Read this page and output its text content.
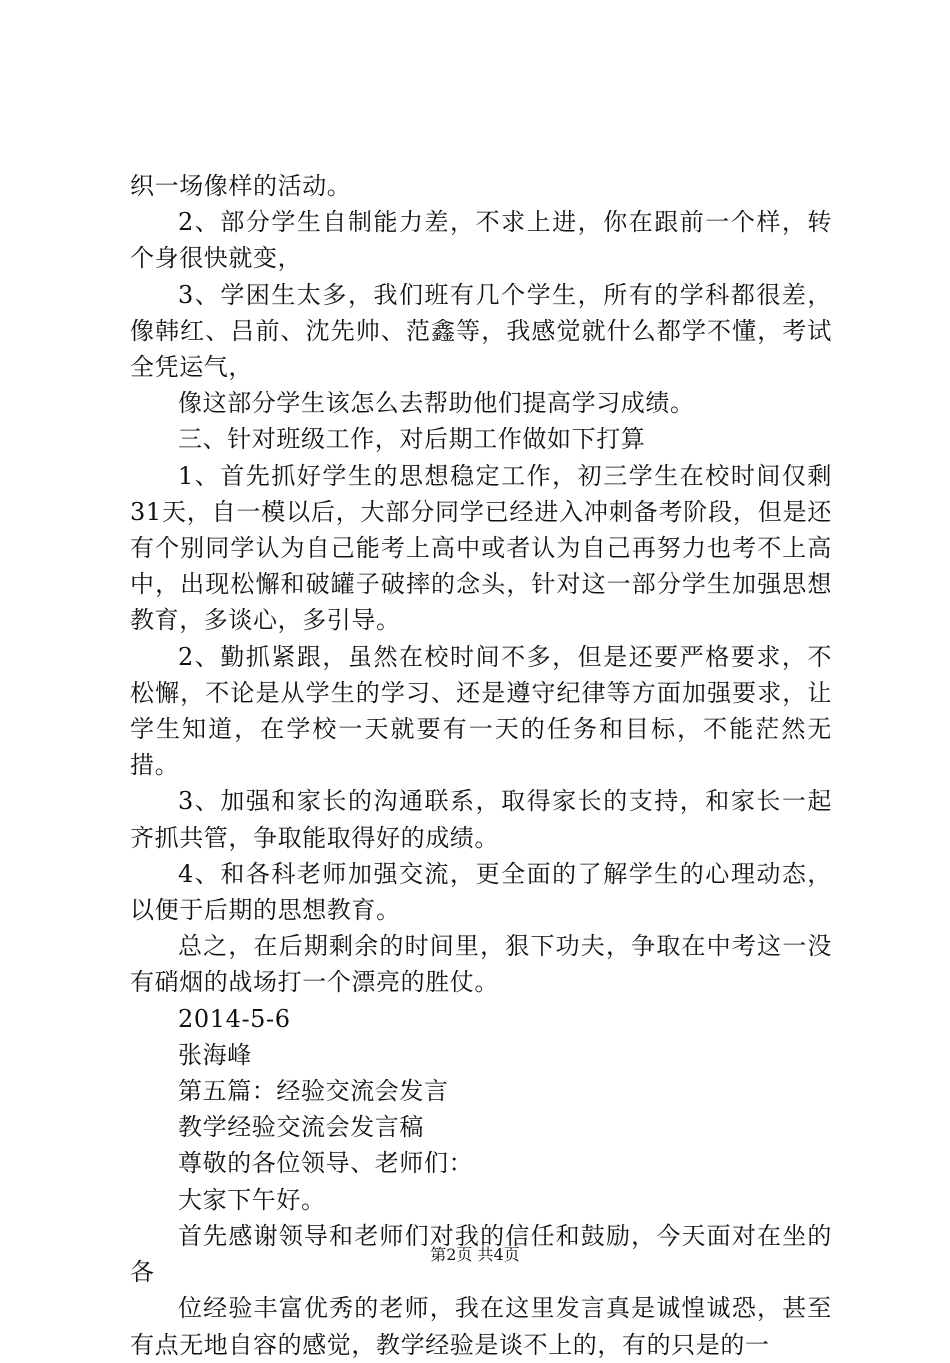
织一场像样的活动。

2、部分学生自制能力差，不求上进，你在跟前一个样，转个身很快就变，

3、学困生太多，我们班有几个学生，所有的学科都很差，像韩红、吕前、沈先帅、范鑫等，我感觉就什么都学不懂，考试全凭运气，

像这部分学生该怎么去帮助他们提高学习成绩。

三、针对班级工作，对后期工作做如下打算

1、首先抓好学生的思想稳定工作，初三学生在校时间仅剩31天，自一模以后，大部分同学已经进入冲刺备考阶段，但是还有个别同学认为自己能考上高中或者认为自己再努力也考不上高中，出现松懈和破罐子破摔的念头，针对这一部分学生加强思想教育，多谈心，多引导。

2、勤抓紧跟，虽然在校时间不多，但是还要严格要求，不松懈，不论是从学生的学习、还是遵守纪律等方面加强要求，让学生知道，在学校一天就要有一天的任务和目标，不能茫然无措。

3、加强和家长的沟通联系，取得家长的支持，和家长一起齐抓共管，争取能取得好的成绩。

4、和各科老师加强交流，更全面的了解学生的心理动态，以便于后期的思想教育。

总之，在后期剩余的时间里，狠下功夫，争取在中考这一没有硝烟的战场打一个漂亮的胜仗。

2014-5-6

张海峰

第五篇：经验交流会发言

教学经验交流会发言稿

尊敬的各位领导、老师们：

大家下午好。

首先感谢领导和老师们对我的信任和鼓励，今天面对在坐的各

位经验丰富优秀的老师，我在这里发言真是诚惶诚恐，甚至有点无地自容的感觉，教学经验是谈不上的，有的只是的一

第2页 共4页
